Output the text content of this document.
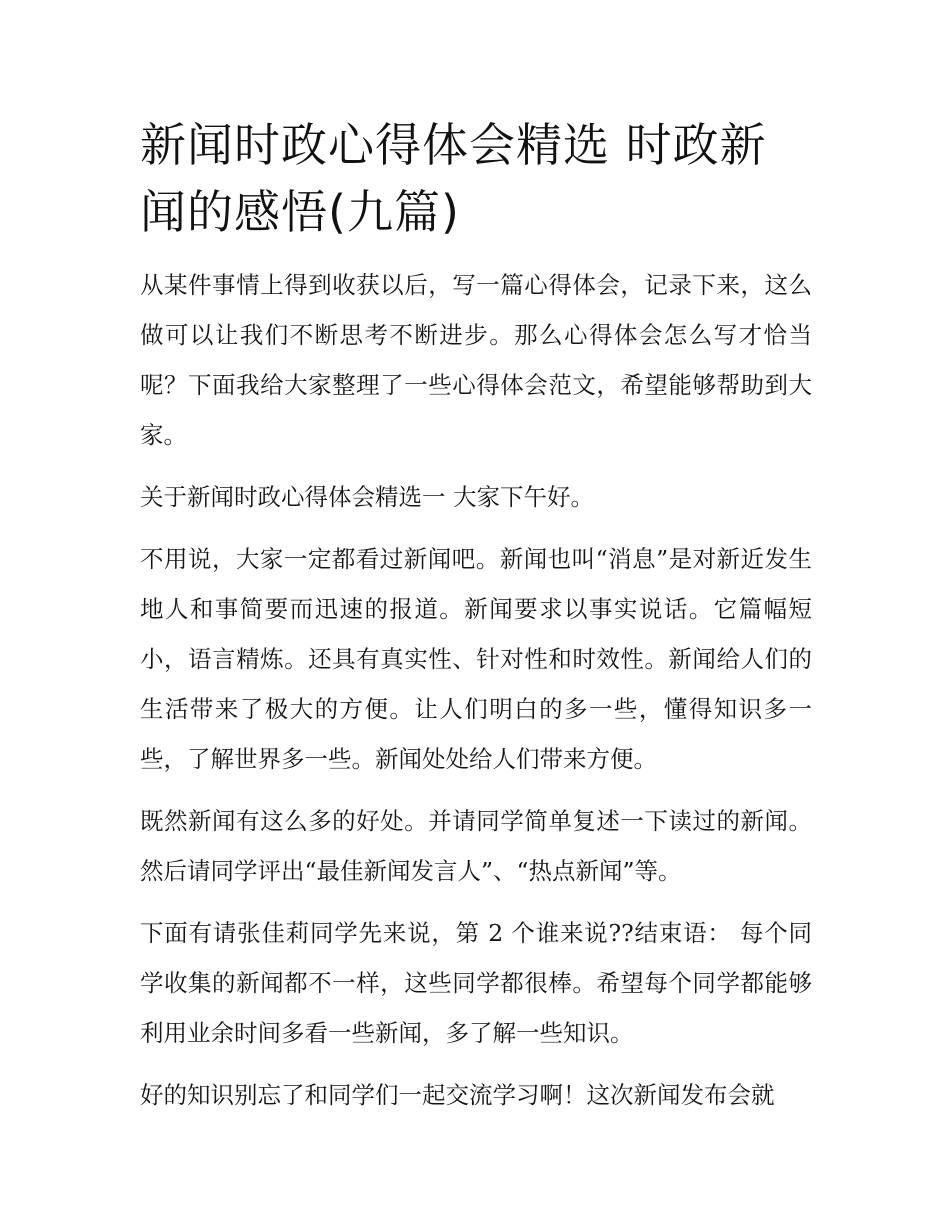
新闻时政心得体会精选 时政新闻的感悟(九篇)

从某件事情上得到收获以后，写一篇心得体会，记录下来，这么做可以让我们不断思考不断进步。那么心得体会怎么写才恰当呢？下面我给大家整理了一些心得体会范文，希望能够帮助到大家。

关于新闻时政心得体会精选一 大家下午好。

不用说，大家一定都看过新闻吧。新闻也叫“消息”是对新近发生地人和事简要而迅速的报道。新闻要求以事实说话。它篇幅短小，语言精炼。还具有真实性、针对性和时效性。新闻给人们的生活带来了极大的方便。让人们明白的多一些，懂得知识多一些，了解世界多一些。新闻处处给人们带来方便。

既然新闻有这么多的好处。并请同学简单复述一下读过的新闻。然后请同学评出“最佳新闻发言人”、“热点新闻”等。

下面有请张佳莉同学先来说，第 2 个谁来说??结束语： 每个同学收集的新闻都不一样，这些同学都很棒。希望每个同学都能够利用业余时间多看一些新闻，多了解一些知识。

好的知识别忘了和同学们一起交流学习啊！这次新闻发布会就
